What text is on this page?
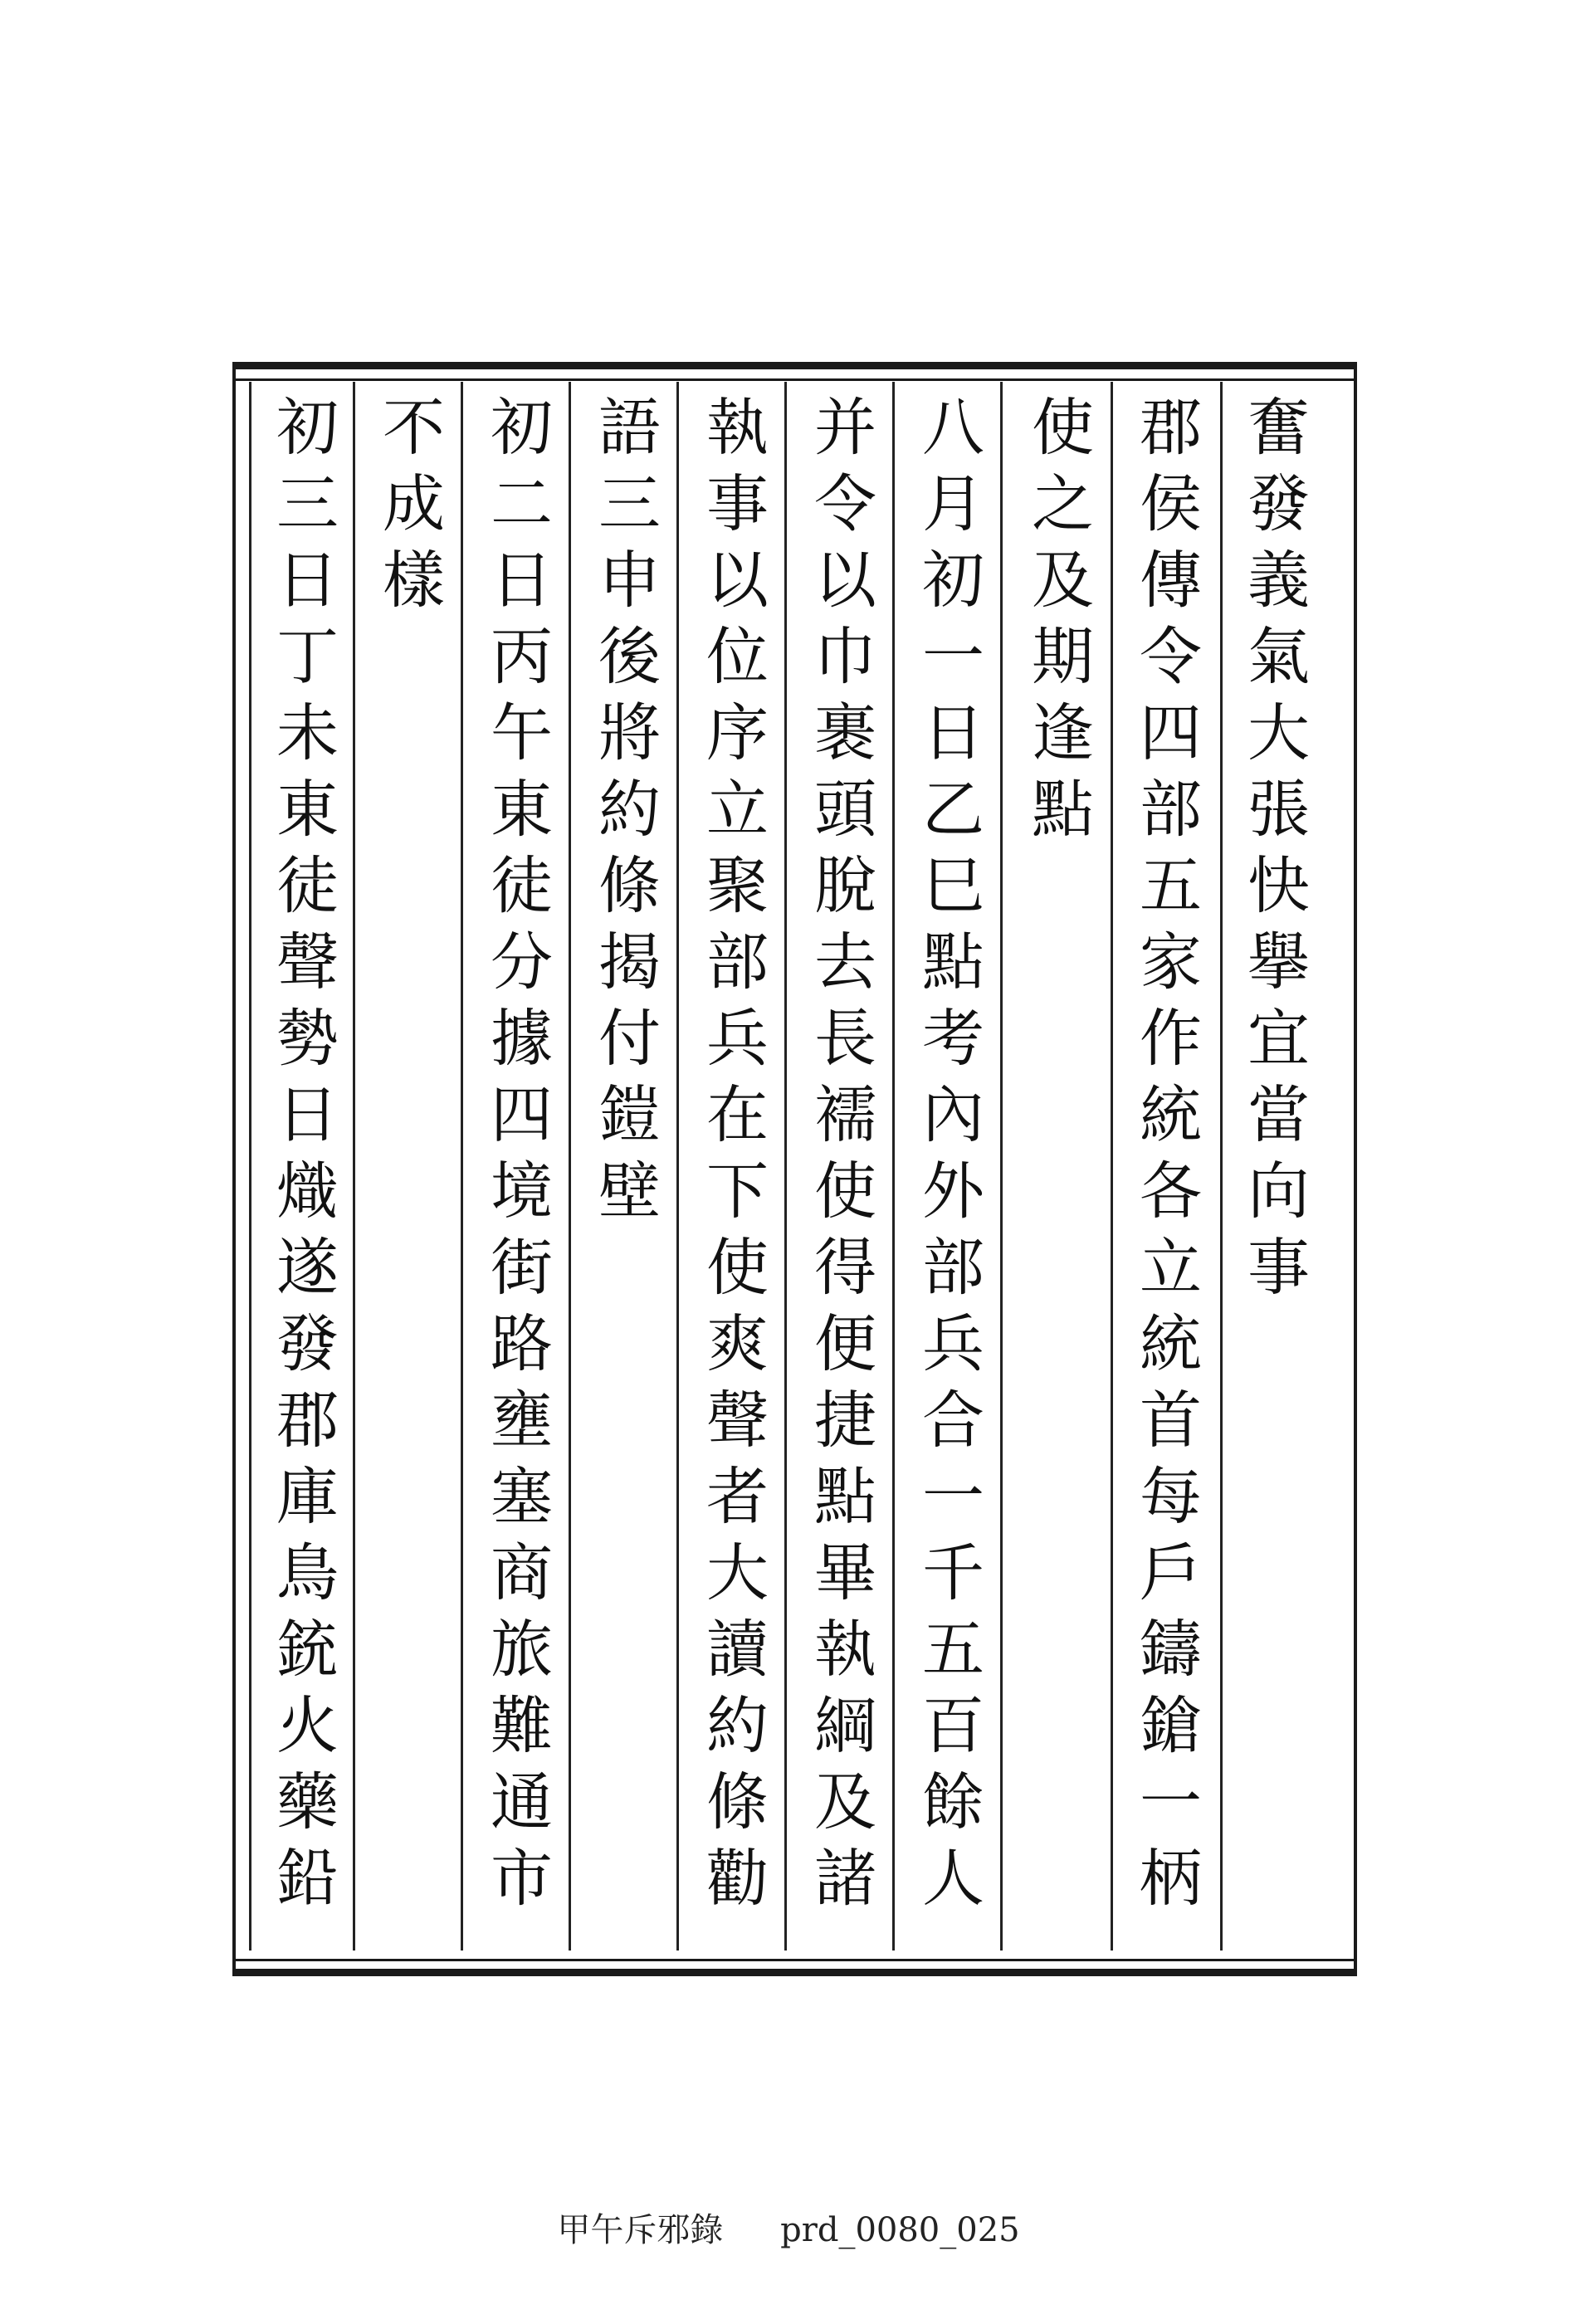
奮發義氣大張快擧宜當向事
郡侯傳令四部五家作統各立統首每戶鑄鎗一柄
使之及期逢點
八月初一日乙巳點考內外部兵合一千五百餘人
并令以巾裹頭脫去長襦使得便捷點畢執綱及諸
執事以位序立聚部兵在下使爽聲者大讀約條勸
語三申後將約條揭付鎧壁
初二日丙午東徒分據四境街路壅塞商旅難通市
不成樣
初三日丁未東徒聲勢日熾遂發郡庫鳥銃火藥鉛
甲午斥邪錄 prd_0080_025
